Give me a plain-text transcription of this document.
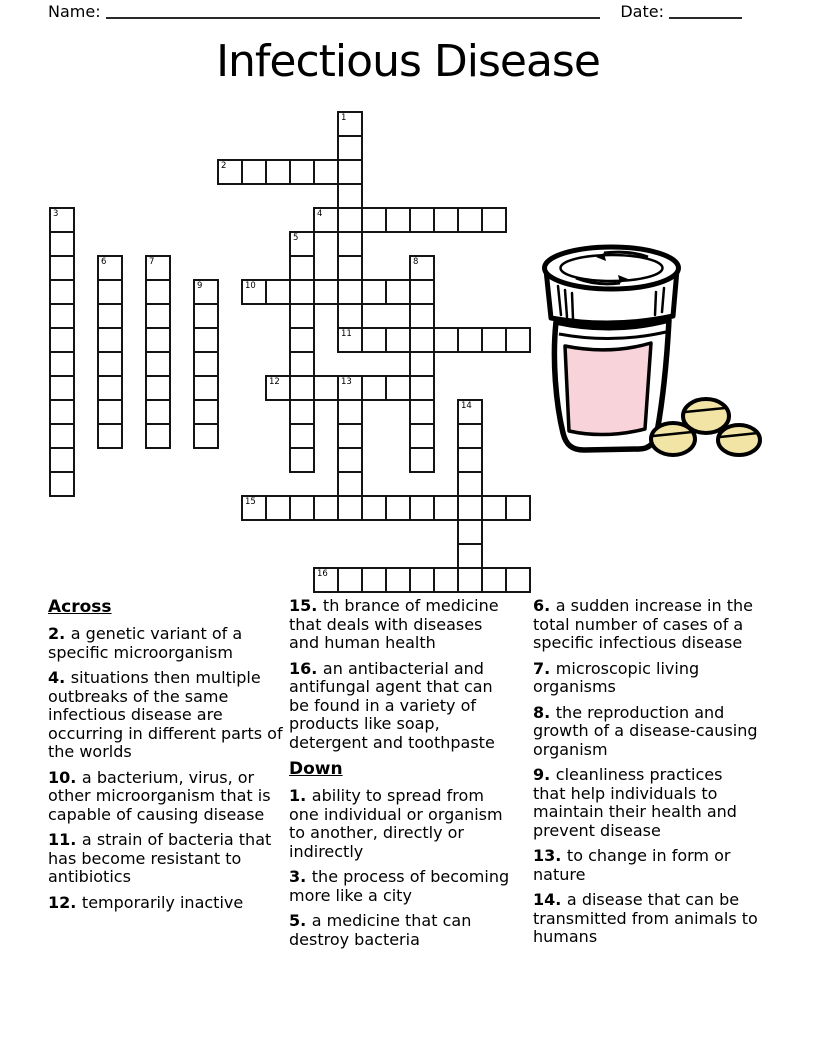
Name:	Date:
Infectious Disease
1
11
2
3	4
5
6	7	8
9	10
12	13
14
15
16
Across

2. a genetic variant of a specific microorganism

4. situations then multiple outbreaks of the same infectious disease are occurring in different parts of the worlds

10. a bacterium, virus, or other microorganism that is capable of causing disease

11. a strain of bacteria that has become resistant to antibiotics

12. temporarily inactive

15. th brance of medicine that deals with diseases and human health

16. an antibacterial and antifungal agent that can be found in a variety of products like soap, detergent and toothpaste

Down

1. ability to spread from one individual or organism to another, directly or indirectly

3. the process of becoming more like a city

5. a medicine that can destroy bacteria

6. a sudden increase in the total number of cases of a specific infectious disease

7. microscopic living organisms

8. the reproduction and growth of a disease-causing organism

9. cleanliness practices that help individuals to maintain their health and prevent disease

13. to change in form or nature

14. a disease that can be transmitted from animals to humans
